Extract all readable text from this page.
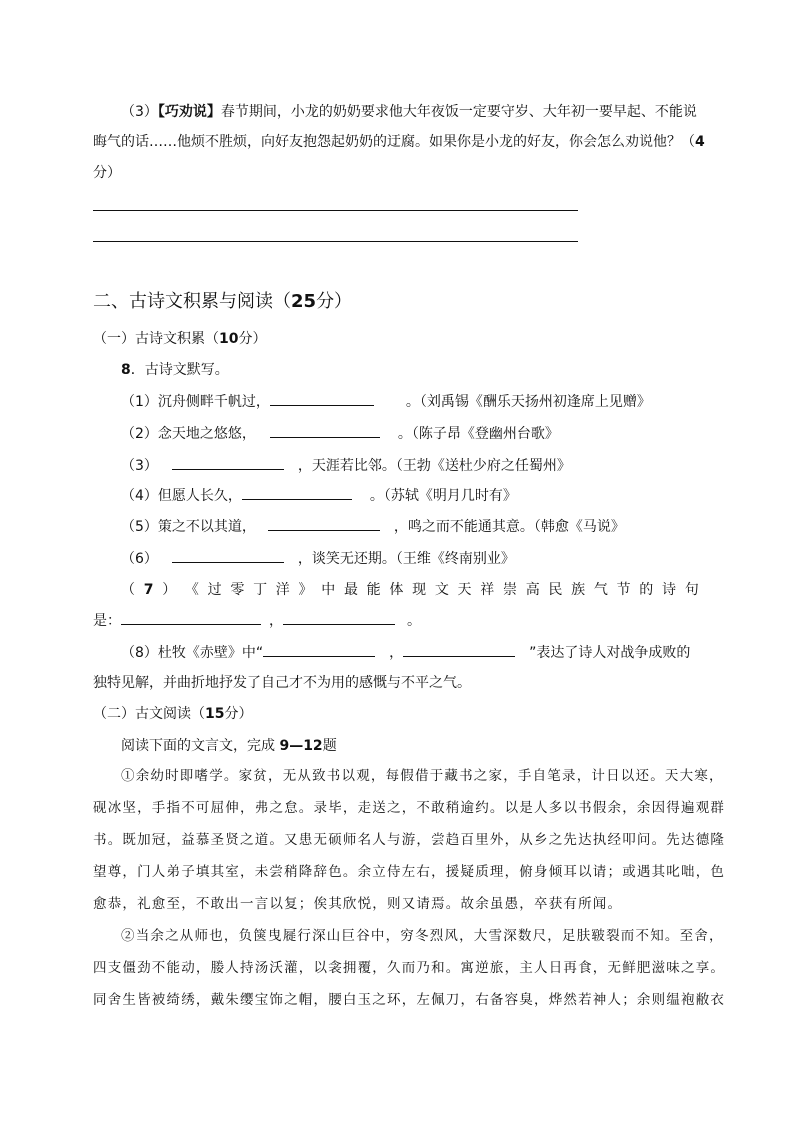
（3）【巧劝说】春节期间，小龙的奶奶要求他大年夜饭一定要守岁、大年初一要早起、不能说
晦气的话……他烦不胜烦，向好友抱怨起奶奶的迂腐。如果你是小龙的好友，你会怎么劝说他？（4
分）
二、古诗文积累与阅读（25分）
（一）古诗文积累（10分）
8．古诗文默写。
（1）沉舟侧畔千帆过，	。（刘禹锡《酬乐天扬州初逢席上见赠》
（2）念天地之悠悠，	。（陈子昂《登幽州台歌》
（3）	，天涯若比邻。（王勃《送杜少府之任蜀州》
（4）但愿人长久，	。（苏轼《明月几时有》
（5）策之不以其道，	，鸣之而不能通其意。（韩愈《马说》
（6）	，谈笑无还期。（王维《终南别业》
（ 7 ） 《 过 零 丁 洋 》 中 最 能 体 现 文 天 祥 崇 高 民 族 气 节 的 诗 句
是：	，	。
（8）杜牧《赤壁》中“	，	”表达了诗人对战争成败的
独特见解，并曲折地抒发了自己才不为用的感慨与不平之气。
（二）古文阅读（15分）
阅读下面的文言文，完成 9—12题
①余幼时即嗜学。家贫，无从致书以观，每假借于藏书之家，手自笔录，计日以还。天大寒，
砚冰坚，手指不可屈伸，弗之怠。录毕，走送之，不敢稍逾约。以是人多以书假余，余因得遍观群
书。既加冠，益慕圣贤之道。又患无硕师名人与游，尝趋百里外，从乡之先达执经叩问。先达德隆
望尊，门人弟子填其室，未尝稍降辞色。余立侍左右，援疑质理，俯身倾耳以请；或遇其叱咄，色
愈恭，礼愈至，不敢出一言以复；俟其欣悦，则又请焉。故余虽愚，卒获有所闻。
②当余之从师也，负箧曳屣行深山巨谷中，穷冬烈风，大雪深数尺，足肤皲裂而不知。至舍，
四支僵劲不能动，媵人持汤沃灌，以衾拥覆，久而乃和。寓逆旅，主人日再食，无鲜肥滋味之享。
同舍生皆被绮绣，戴朱缨宝饰之帽，腰白玉之环，左佩刀，右备容臭，烨然若神人；余则缊袍敝衣
